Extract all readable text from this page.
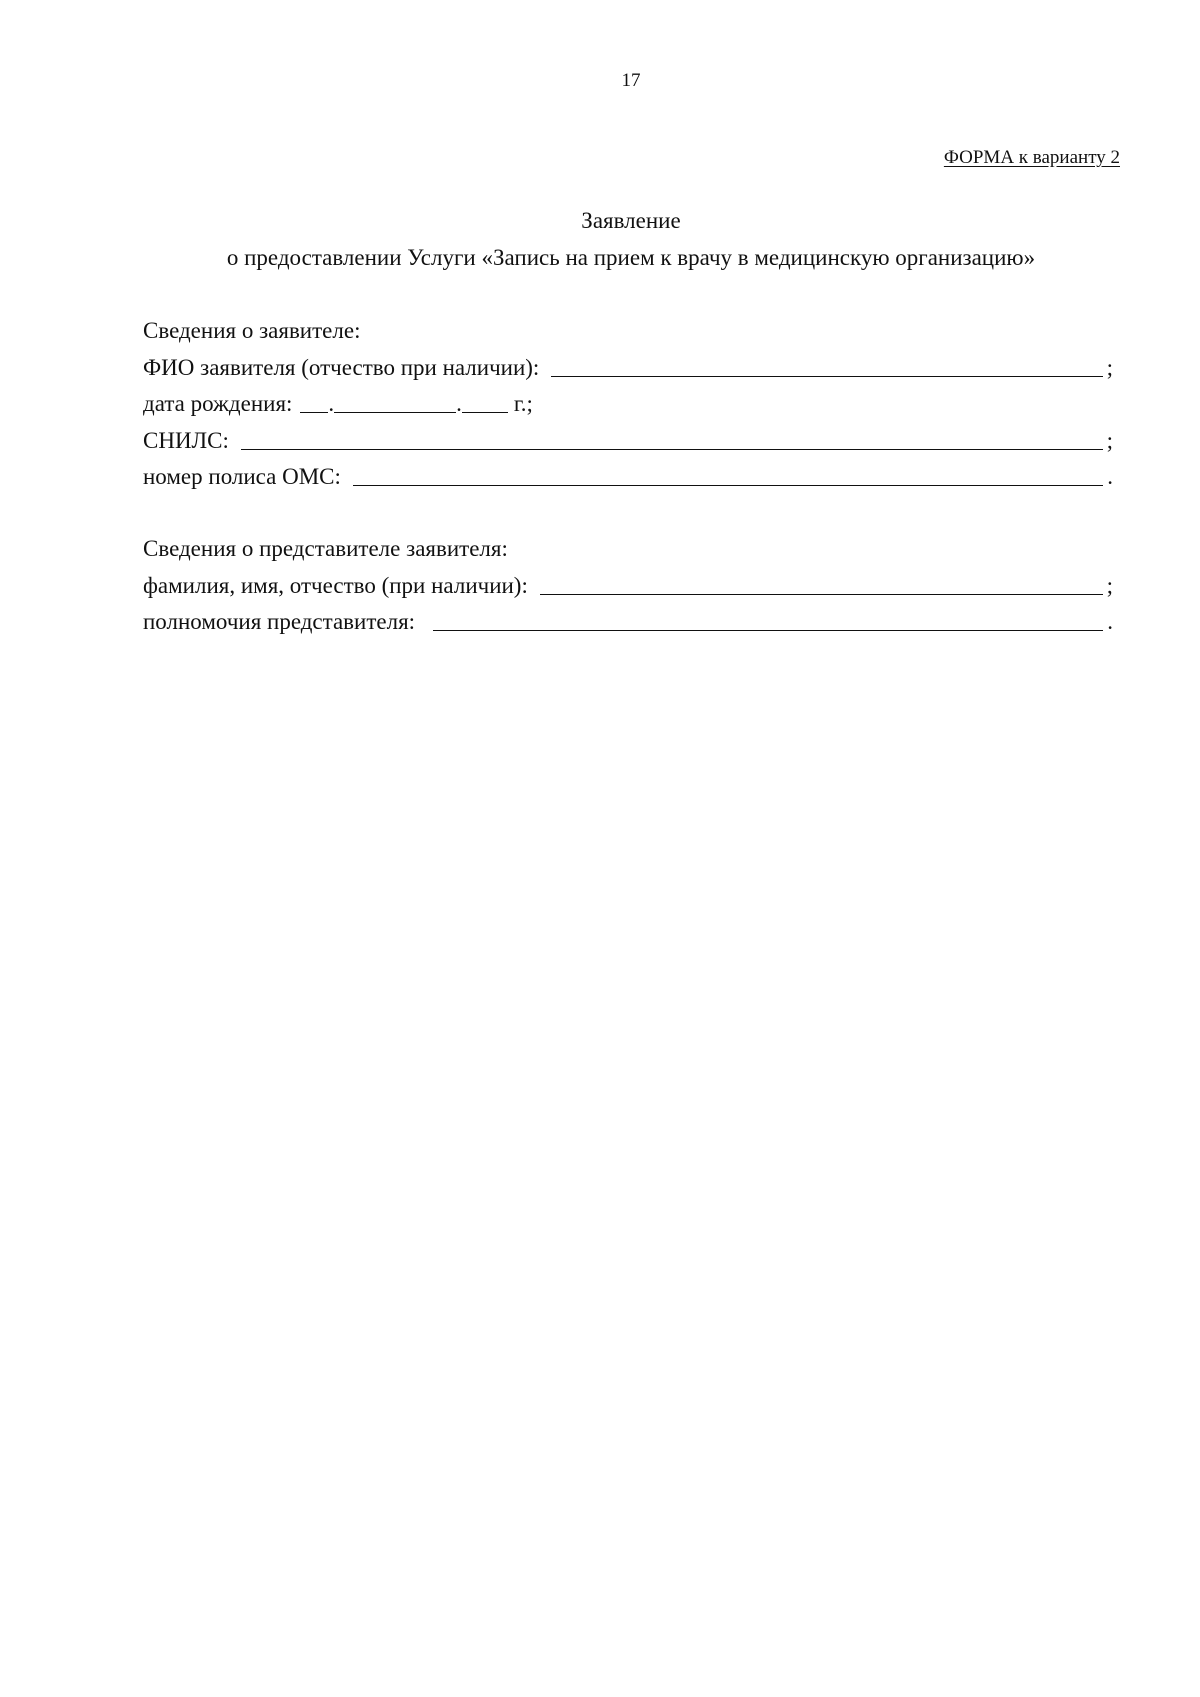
17
ФОРМА к варианту 2
Заявление
о предоставлении Услуги «Запись на прием к врачу в медицинскую организацию»
Сведения о заявителе:
ФИО заявителя (отчество при наличии):	;
дата рождения: .	. г.;
СНИЛС:	;
номер полиса ОМС:	.
Сведения о представителе заявителя:
фамилия, имя, отчество (при наличии):	;
полномочия представителя:	.
